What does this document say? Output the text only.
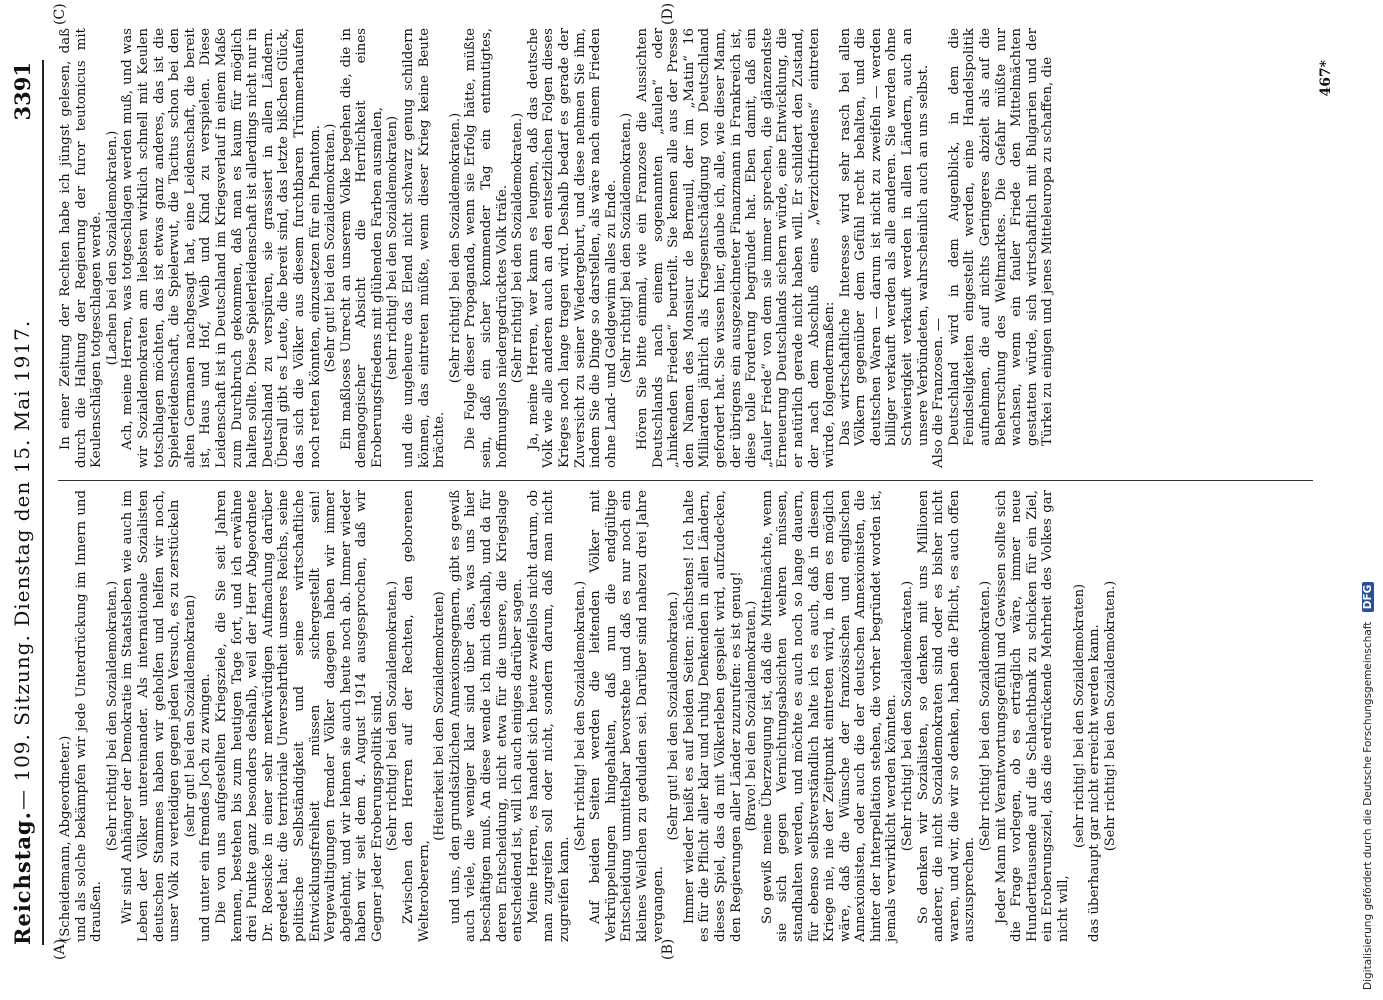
Reichstag.
— 109. Sitzung. Dienstag den 15. Mai 1917.
3391
(A)	(B)
(C)	(D)

(Scheidemann, Abgeordneter.) und als solche bekämpfen wir jede Unterdrückung im Innern und draußen.

(Sehr richtig! bei den Sozialdemokraten.) Wir sind Anhänger der Demokratie im Staatsleben wie auch im Leben der Völker untereinander. Als internationale Sozialisten deutschen Stammes haben wir geholfen und helfen wir noch, unser Volk zu verteidigen gegen jeden Versuch, es zu zerstückeln (sehr gut! bei den Sozialdemokraten) und unter ein fremdes Joch zu zwingen. Die von uns aufgestellten Kriegsziele, die Sie seit Jahren kennen, bestehen bis zum heutigen Tage fort, und ich erwähne drei Punkte ganz besonders deshalb, weil der Herr Abgeordnete Dr. Roesicke in einer sehr merkwürdigen Aufmachung darüber geredet hat: die territoriale Unversehrtheit unseres Reichs, seine politische Selbständigkeit und seine wirtschaftliche Entwicklungsfreiheit müssen sichergestellt sein! Vergewaltigungen fremder Völker dagegen haben wir immer abgelehnt, und wir lehnen sie auch heute noch ab. Immer wieder haben wir seit dem 4. August 1914 ausgesprochen, daß wir Gegner jeder Eroberungspolitik sind. (Sehr richtig! bei den Sozialdemokraten.) Zwischen den Herren auf der Rechten, den geborenen Welteroberern,

(Heiterkeit bei den Sozialdemokraten) und uns, den grundsätzlichen Annexionsgegnern, gibt es gewiß auch viele, die weniger klar sind über das, was uns hier beschäftigen muß. An diese wende ich mich deshalb, und da für deren Entscheidung, nicht etwa für die unsere, die Kriegslage entscheidend ist, will ich auch einiges darüber sagen. Meine Herren, es handelt sich heute zweifellos nicht darum, ob man zugreifen soll oder nicht, sondern darum, daß man nicht zugreifen kann.

(Sehr richtig! bei den Sozialdemokraten.) Auf beiden Seiten werden die leitenden Völker mit Verkrüppelungen hingehalten, daß nun die endgültige Entscheidung unmittelbar bevorstehe und daß es nur noch ein kleines Weilchen zu gedulden sei. Darüber sind nahezu drei Jahre vergangen.

(Sehr gut! bei den Sozialdemokraten.) Immer wieder heißt es auf beiden Seiten: nächstens! Ich halte es für die Pflicht aller klar und ruhig Denkenden in allen Ländern, dieses Spiel, das da mit Völkerleben gespielt wird, aufzudecken, den Regierungen aller Länder zuzurufen: es ist genug! (Bravo! bei den Sozialdemokraten.) So gewiß meine Überzeugung ist, daß die Mittelmächte, wenn sie sich gegen Vernichtungsabsichten wehren müssen, standhalten werden, und möchte es auch noch so lange dauern, für ebenso selbstverständlich halte ich es auch, daß in diesem Kriege nie, nie der Zeitpunkt eintreten wird, in dem es möglich wäre, daß die Wünsche der französischen und englischen Annexionisten, oder auch die der deutschen Annexionisten, die hinter der Interpellation stehen, die vorher begründet worden ist, jemals verwirklicht werden könnten. (Sehr richtig! bei den Sozialdemokraten.) So denken wir Sozialisten, so denken mit uns Millionen anderer, die nicht Sozialdemokraten sind oder es bisher nicht waren, und wir, die wir so denken, haben die Pflicht, es auch offen auszusprechen.

(Sehr richtig! bei den Sozialdemokraten.) Jeder Mann mit Verantwortungsgefühl und Gewissen sollte sich die Frage vorlegen, ob es erträglich wäre, immer neue Hunderttausende auf die Schlachtbank zu schicken für ein Ziel, ein Eroberungsziel, das die erdrückende Mehrheit des Volkes gar nicht will,

(sehr richtig! bei den Sozialdemokraten) das überhaupt gar nicht erreicht werden kann. (Sehr richtig! bei den Sozialdemokraten.)

In einer Zeitung der Rechten habe ich jüngst gelesen, daß durch die Haltung der Regierung der furor teutonicus mit Keulenschlägen totgeschlagen werde. (Lachen bei den Sozialdemokraten.) Ach, meine Herren, was totgeschlagen werden muß, und was wir Sozialdemokraten am liebsten wirklich schnell mit Keulen totschlagen möchten, das ist etwas ganz anderes, das ist die Spielerleidenschaft, die Spielerwut, die Tacitus schon bei den alten Germanen nachgesagt hat, eine Leidenschaft, die bereit ist, Haus und Hof, Weib und Kind zu verspielen. Diese Leidenschaft ist in Deutschland im Kriegsverlauf in einem Maße zum Durchbruch gekommen, daß man es kaum für möglich halten sollte. Diese Spielerleidenschaft ist allerdings nicht nur in Deutschland zu verspüren, sie grassiert in allen Ländern. Überall gibt es Leute, die bereit sind, das letzte bißchen Glück, das sich die Völker aus diesem furchtbaren Trümmerhaufen noch retten könnten, einzusetzen für ein Phantom. (Sehr gut! bei den Sozialdemokraten.) Ein maßloses Unrecht an unserem Volke begehen die, die in demagogischer Absicht die Herrlichkeit eines Eroberungsfriedens mit glühenden Farben ausmalen, (sehr richtig! bei den Sozialdemokraten) und die ungeheure das Elend nicht schwarz genug schildern können, das eintreten müßte, wenn dieser Krieg keine Beute brächte.

(Sehr richtig! bei den Sozialdemokraten.) Die Folge dieser Propaganda, wenn sie Erfolg hätte, müßte sein, daß ein sicher kommender Tag ein entmutigtes, hoffnungslos niedergedrücktes Volk träfe. (Sehr richtig! bei den Sozialdemokraten.) Ja, meine Herren, wer kann es leugnen, daß das deutsche Volk wie alle anderen auch an den entsetzlichen Folgen dieses Krieges noch lange tragen wird. Deshalb bedarf es gerade der Zuversicht zu seiner Wiedergeburt, und diese nehmen Sie ihm, indem Sie die Dinge so darstellen, als wäre nach einem Frieden ohne Land- und Geldgewinn alles zu Ende. (Sehr richtig! bei den Sozialdemokraten.) Hören Sie bitte einmal, wie ein Franzose die Aussichten Deutschlands nach einem sogenannten „faulen“ oder „hinkenden Frieden“ beurteilt. Sie kennen alle aus der Presse den Namen des Monsieur de Berneuil, der im „Matin“ 16 Milliarden jährlich als Kriegsentschädigung von Deutschland gefordert hat. Sie wissen hier, glaube ich, alle, wie dieser Mann, der übrigens ein ausgezeichneter Finanzmann in Frankreich ist, diese tolle Forderung begründet hat. Eben damit, daß ein „fauler Friede“ von dem sie immer sprechen, die glänzendste Erneuerung Deutschlands sichern würde, eine Entwicklung, die er natürlich gerade nicht haben will. Er schildert den Zustand, der nach dem Abschluß eines „Verzichtfriedens“ eintreten würde, folgendermaßen: Das wirtschaftliche Interesse wird sehr rasch bei allen Völkern gegenüber dem Gefühl recht behalten, und die deutschen Waren — darum ist nicht zu zweifeln — werden billiger verkauft werden als alle anderen. Sie werden ohne Schwierigkeit verkauft werden in allen Ländern, auch an unsere Verbündeten, wahrscheinlich auch an uns selbst. Also die Franzosen. — Deutschland wird in dem Augenblick, in dem die Feindseligkeiten eingestellt werden, eine Handelspolitik aufnehmen, die auf nichts Geringeres abzielt als auf die Beherrschung des Weltmarktes. Die Gefahr müßte nur wachsen, wenn ein fauler Friede den Mittelmächten gestatten würde, sich wirtschaftlich mit Bulgarien und der Türkei zu einigen und jenes Mitteleuropa zu schaffen, die	467*
Digitalisierung gefördert durch die Deutsche Forschungsgemeinschaft DFG
